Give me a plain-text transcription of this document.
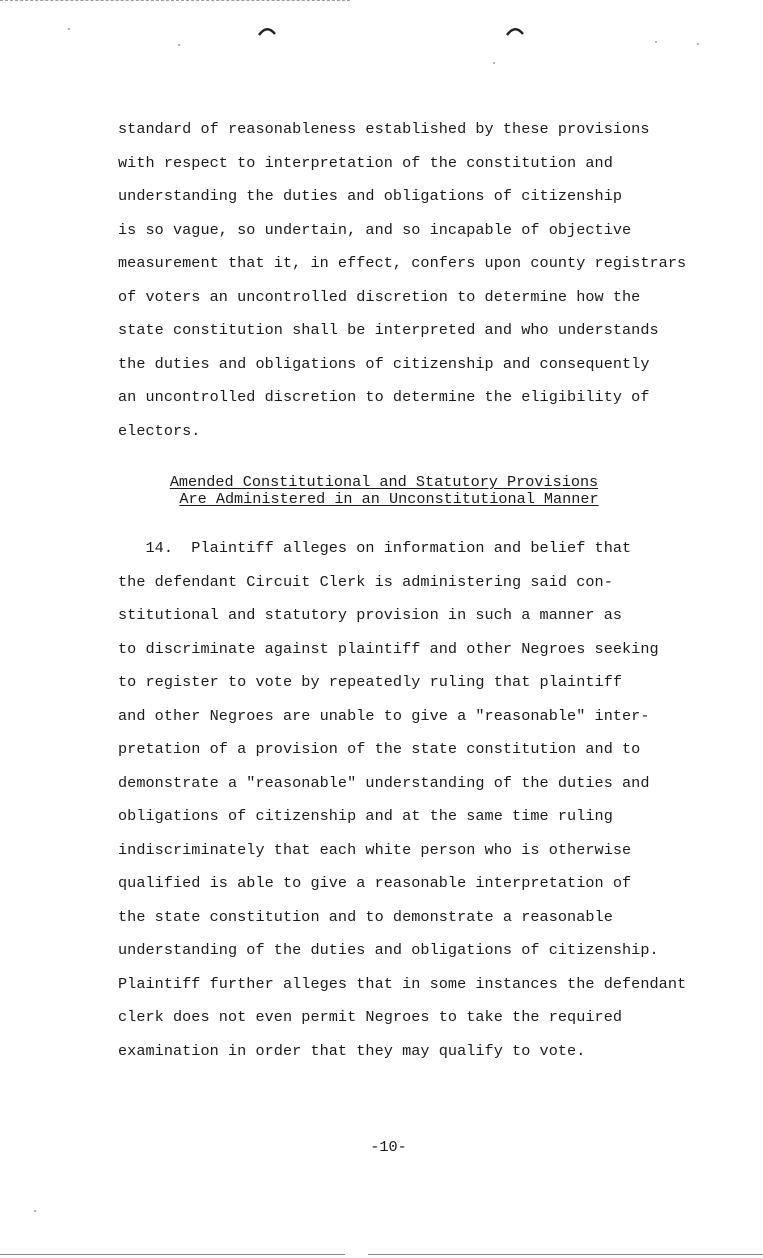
standard of reasonableness established by these provisions
with respect to interpretation of the constitution and
understanding the duties and obligations of citizenship
is so vague, so undertain, and so incapable of objective
measurement that it, in effect, confers upon county registrars
of voters an uncontrolled discretion to determine how the
state constitution shall be interpreted and who understands
the duties and obligations of citizenship and consequently
an uncontrolled discretion to determine the eligibility of
electors.
Amended Constitutional and Statutory Provisions
Are Administered in an Unconstitutional Manner
14.  Plaintiff alleges on information and belief that
the defendant Circuit Clerk is administering said con-
stitutional and statutory provision in such a manner as
to discriminate against plaintiff and other Negroes seeking
to register to vote by repeatedly ruling that plaintiff
and other Negroes are unable to give a "reasonable" inter-
pretation of a provision of the state constitution and to
demonstrate a "reasonable" understanding of the duties and
obligations of citizenship and at the same time ruling
indiscriminately that each white person who is otherwise
qualified is able to give a reasonable interpretation of
the state constitution and to demonstrate a reasonable
understanding of the duties and obligations of citizenship.
Plaintiff further alleges that in some instances the defendant
clerk does not even permit Negroes to take the required
examination in order that they may qualify to vote.
-10-
